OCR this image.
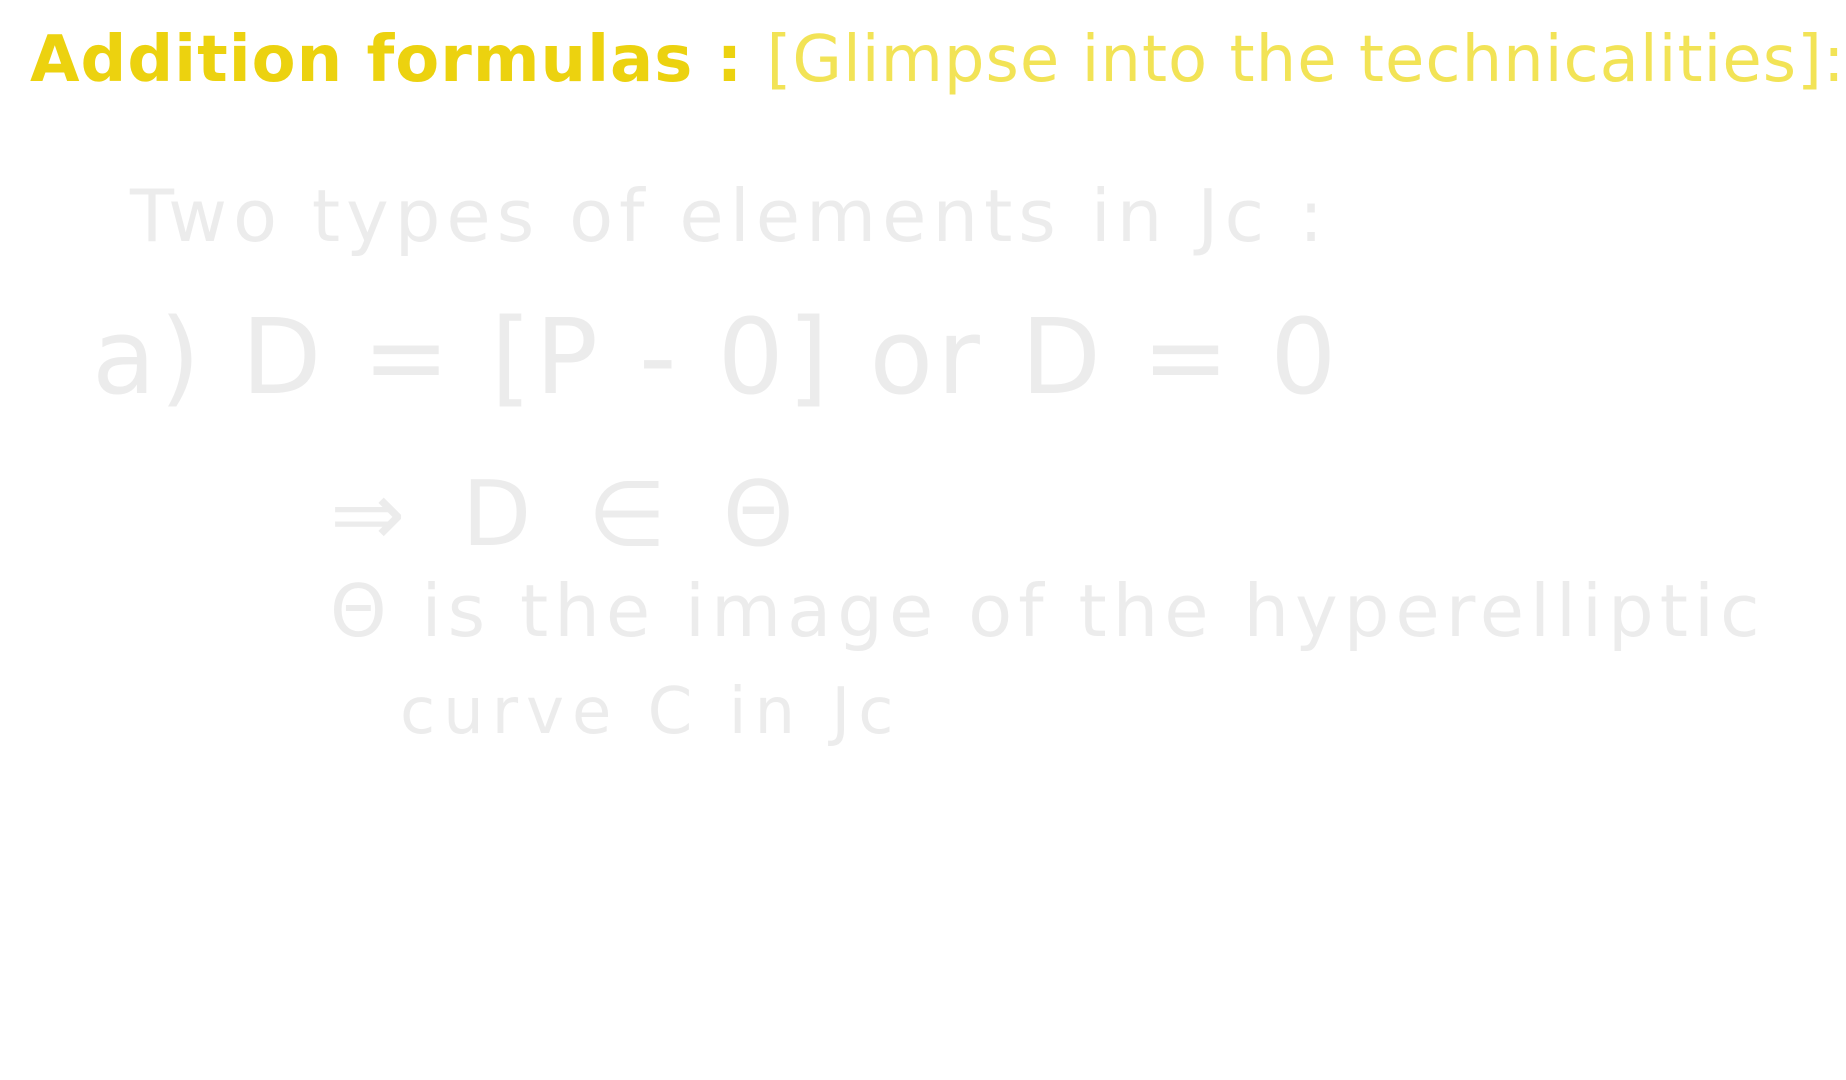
Addition formulas : [Glimpse into the technicalities]:
Two types of elements in Jc :
a) D = [P - 0] or D = 0
⇒ D ∈ Θ
Θ is the image of the hyperelliptic
curve C in Jc
